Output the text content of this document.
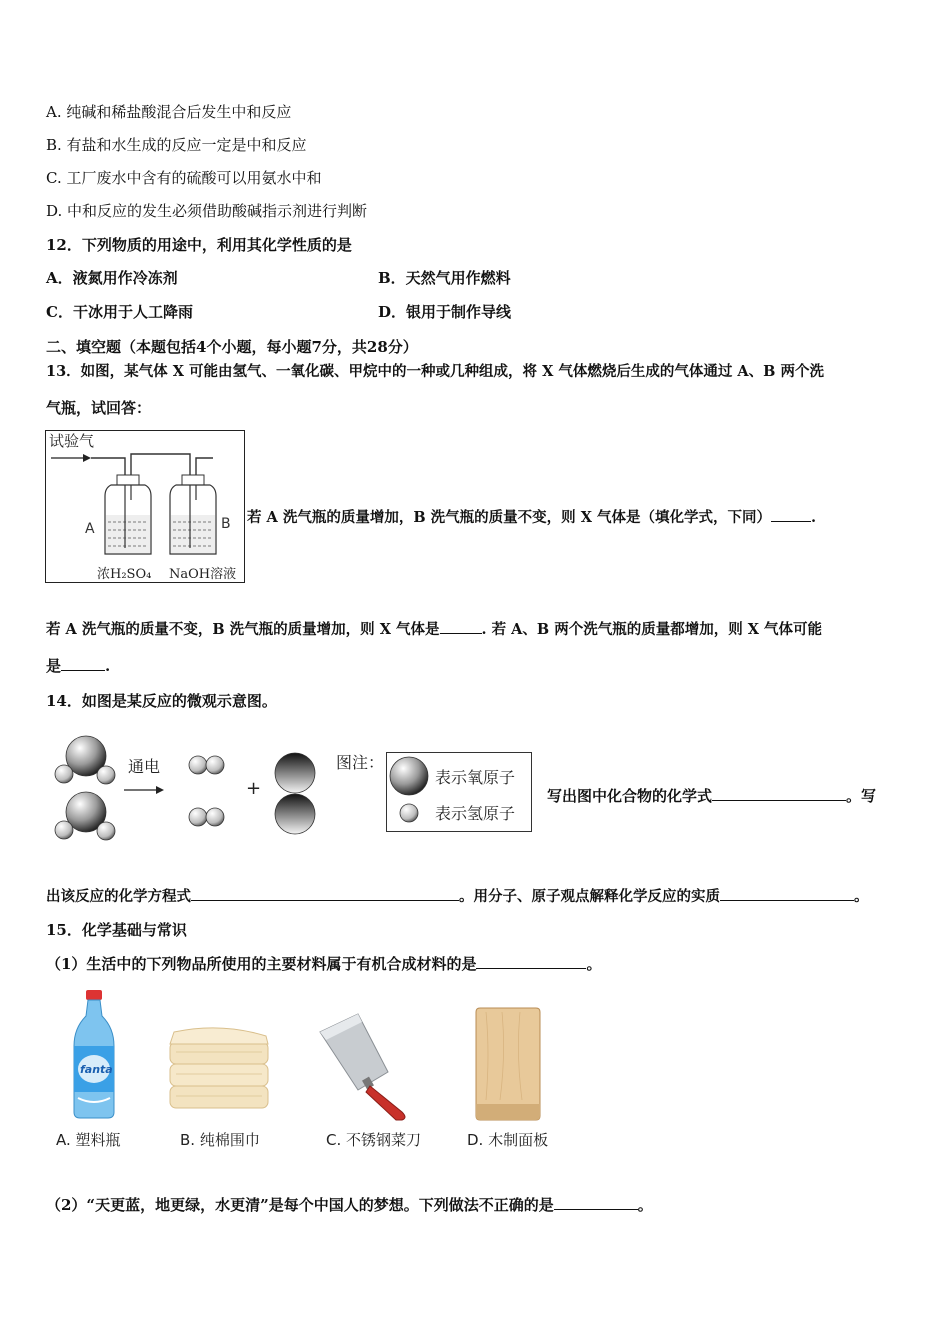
A. 纯碱和稀盐酸混合后发生中和反应
B. 有盐和水生成的反应一定是中和反应
C. 工厂废水中含有的硫酸可以用氨水中和
D. 中和反应的发生必须借助酸碱指示剂进行判断
12．下列物质的用途中，利用其化学性质的是
A．液氮用作冷冻剂	B．天然气用作燃料
C．干冰用于人工降雨	D．银用于制作导线
二、填空题（本题包括4个小题，每小题7分，共28分）
13．如图，某气体 X 可能由氢气、一氧化碳、甲烷中的一种或几种组成，将 X 气体燃烧后生成的气体通过 A、B 两个洗
气瓶，试回答：
试验气
A	B
浓H₂SO₄ NaOH溶液
若 A 洗气瓶的质量增加，B 洗气瓶的质量不变，则 X 气体是（填化学式，下同）	.
若 A 洗气瓶的质量不变，B 洗气瓶的质量增加，则 X 气体是	. 若 A、B 两个洗气瓶的质量都增加，则 X 气体可能
是	.
14．如图是某反应的微观示意图。
通电
+
图注：
表示氧原子
表示氢原子
写出图中化合物的化学式	。写
出该反应的化学方程式	。用分子、原子观点解释化学反应的实质	。
15．化学基础与常识
（1）生活中的下列物品所使用的主要材料属于有机合成材料的是	。
fanta
A. 塑料瓶	B. 纯棉围巾	C. 不锈钢菜刀	D. 木制面板
（2）“天更蓝，地更绿，水更清”是每个中国人的梦想。下列做法不正确的是	。
